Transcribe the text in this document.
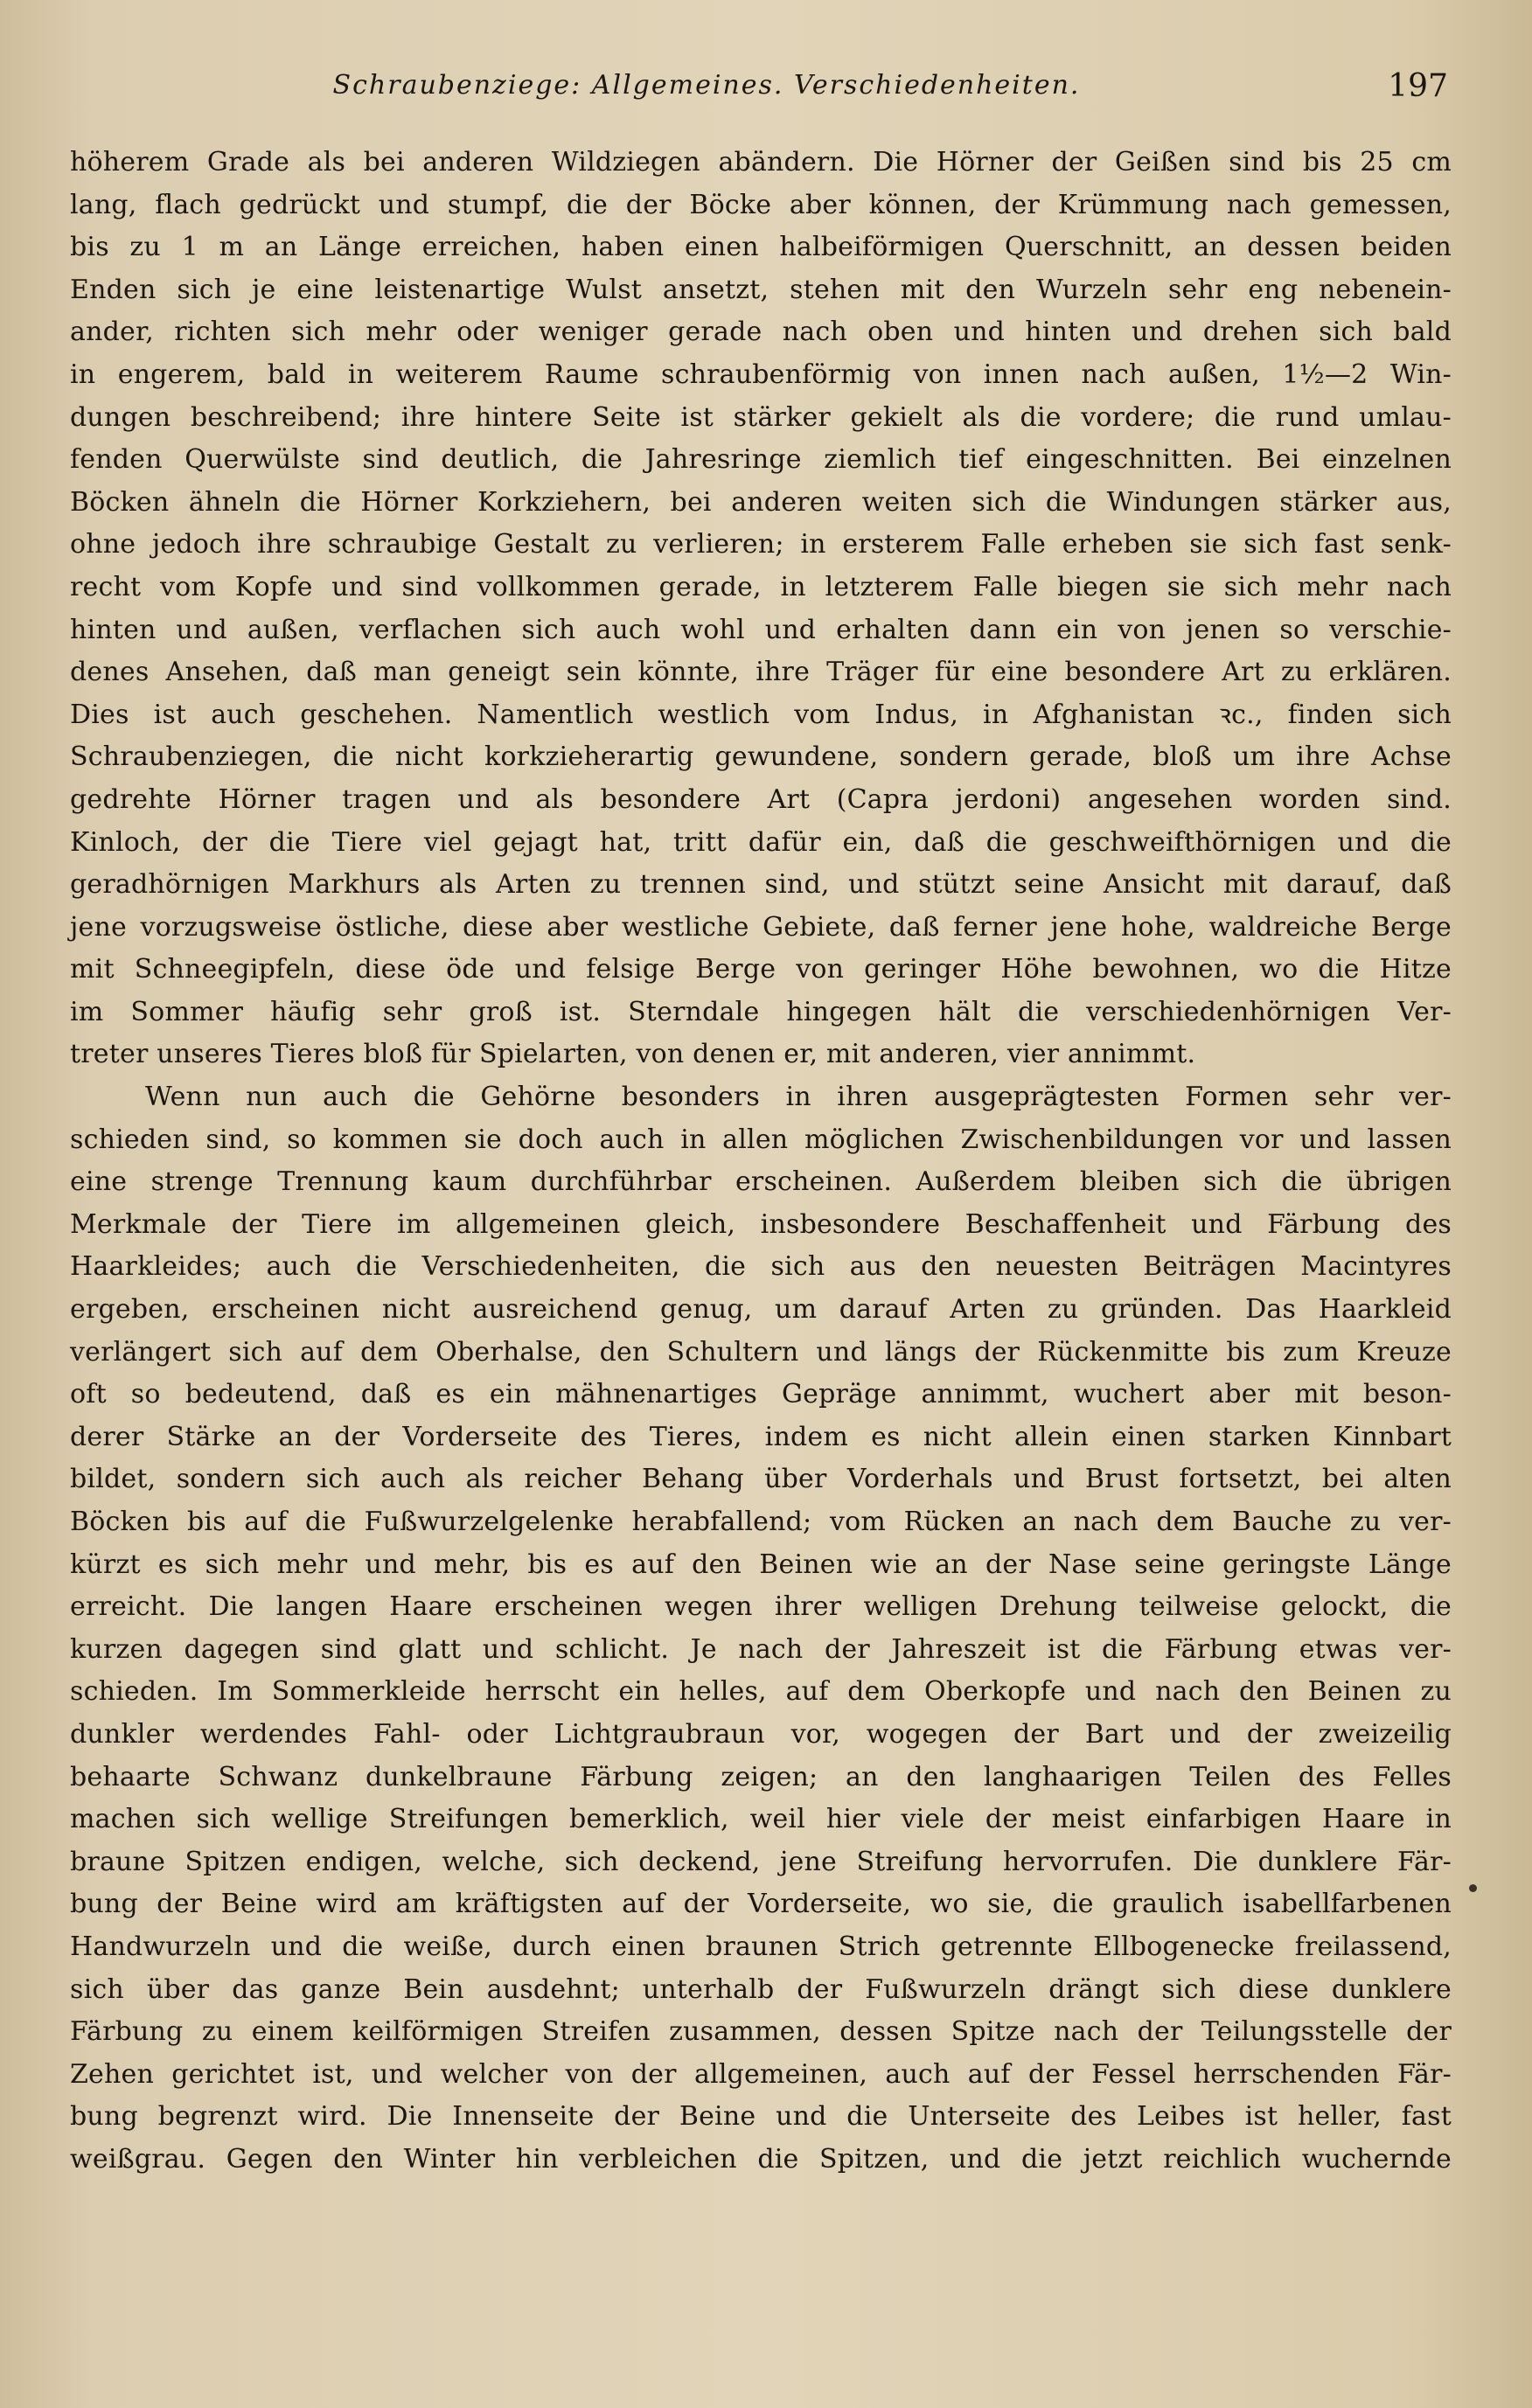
Schraubenziege: Allgemeines. Verschiedenheiten.	197
höherem Grade als bei anderen Wildziegen abändern. Die Hörner der Geißen sind bis 25 cm
lang, flach gedrückt und stumpf, die der Böcke aber können, der Krümmung nach gemessen,
bis zu 1 m an Länge erreichen, haben einen halbeiförmigen Querschnitt, an dessen beiden
Enden sich je eine leistenartige Wulst ansetzt, stehen mit den Wurzeln sehr eng nebenein-
ander, richten sich mehr oder weniger gerade nach oben und hinten und drehen sich bald
in engerem, bald in weiterem Raume schraubenförmig von innen nach außen, 1½—2 Win-
dungen beschreibend; ihre hintere Seite ist stärker gekielt als die vordere; die rund umlau-
fenden Querwülste sind deutlich, die Jahresringe ziemlich tief eingeschnitten. Bei einzelnen
Böcken ähneln die Hörner Korkziehern, bei anderen weiten sich die Windungen stärker aus,
ohne jedoch ihre schraubige Gestalt zu verlieren; in ersterem Falle erheben sie sich fast senk-
recht vom Kopfe und sind vollkommen gerade, in letzterem Falle biegen sie sich mehr nach
hinten und außen, verflachen sich auch wohl und erhalten dann ein von jenen so verschie-
denes Ansehen, daß man geneigt sein könnte, ihre Träger für eine besondere Art zu erklären.
Dies ist auch geschehen. Namentlich westlich vom Indus, in Afghanistan ꝛc., finden sich
Schraubenziegen, die nicht korkzieherartig gewundene, sondern gerade, bloß um ihre Achse
gedrehte Hörner tragen und als besondere Art (Capra jerdoni) angesehen worden sind.
Kinloch, der die Tiere viel gejagt hat, tritt dafür ein, daß die geschweifthörnigen und die
geradhörnigen Markhurs als Arten zu trennen sind, und stützt seine Ansicht mit darauf, daß
jene vorzugsweise östliche, diese aber westliche Gebiete, daß ferner jene hohe, waldreiche Berge
mit Schneegipfeln, diese öde und felsige Berge von geringer Höhe bewohnen, wo die Hitze
im Sommer häufig sehr groß ist. Sterndale hingegen hält die verschiedenhörnigen Ver-
treter unseres Tieres bloß für Spielarten, von denen er, mit anderen, vier annimmt.
Wenn nun auch die Gehörne besonders in ihren ausgeprägtesten Formen sehr ver-
schieden sind, so kommen sie doch auch in allen möglichen Zwischenbildungen vor und lassen
eine strenge Trennung kaum durchführbar erscheinen. Außerdem bleiben sich die übrigen
Merkmale der Tiere im allgemeinen gleich, insbesondere Beschaffenheit und Färbung des
Haarkleides; auch die Verschiedenheiten, die sich aus den neuesten Beiträgen Macintyres
ergeben, erscheinen nicht ausreichend genug, um darauf Arten zu gründen. Das Haarkleid
verlängert sich auf dem Oberhalse, den Schultern und längs der Rückenmitte bis zum Kreuze
oft so bedeutend, daß es ein mähnenartiges Gepräge annimmt, wuchert aber mit beson-
derer Stärke an der Vorderseite des Tieres, indem es nicht allein einen starken Kinnbart
bildet, sondern sich auch als reicher Behang über Vorderhals und Brust fortsetzt, bei alten
Böcken bis auf die Fußwurzelgelenke herabfallend; vom Rücken an nach dem Bauche zu ver-
kürzt es sich mehr und mehr, bis es auf den Beinen wie an der Nase seine geringste Länge
erreicht. Die langen Haare erscheinen wegen ihrer welligen Drehung teilweise gelockt, die
kurzen dagegen sind glatt und schlicht. Je nach der Jahreszeit ist die Färbung etwas ver-
schieden. Im Sommerkleide herrscht ein helles, auf dem Oberkopfe und nach den Beinen zu
dunkler werdendes Fahl- oder Lichtgraubraun vor, wogegen der Bart und der zweizeilig
behaarte Schwanz dunkelbraune Färbung zeigen; an den langhaarigen Teilen des Felles
machen sich wellige Streifungen bemerklich, weil hier viele der meist einfarbigen Haare in
braune Spitzen endigen, welche, sich deckend, jene Streifung hervorrufen. Die dunklere Fär-
bung der Beine wird am kräftigsten auf der Vorderseite, wo sie, die graulich isabellfarbenen
Handwurzeln und die weiße, durch einen braunen Strich getrennte Ellbogenecke freilassend,
sich über das ganze Bein ausdehnt; unterhalb der Fußwurzeln drängt sich diese dunklere
Färbung zu einem keilförmigen Streifen zusammen, dessen Spitze nach der Teilungsstelle der
Zehen gerichtet ist, und welcher von der allgemeinen, auch auf der Fessel herrschenden Fär-
bung begrenzt wird. Die Innenseite der Beine und die Unterseite des Leibes ist heller, fast
weißgrau. Gegen den Winter hin verbleichen die Spitzen, und die jetzt reichlich wuchernde
